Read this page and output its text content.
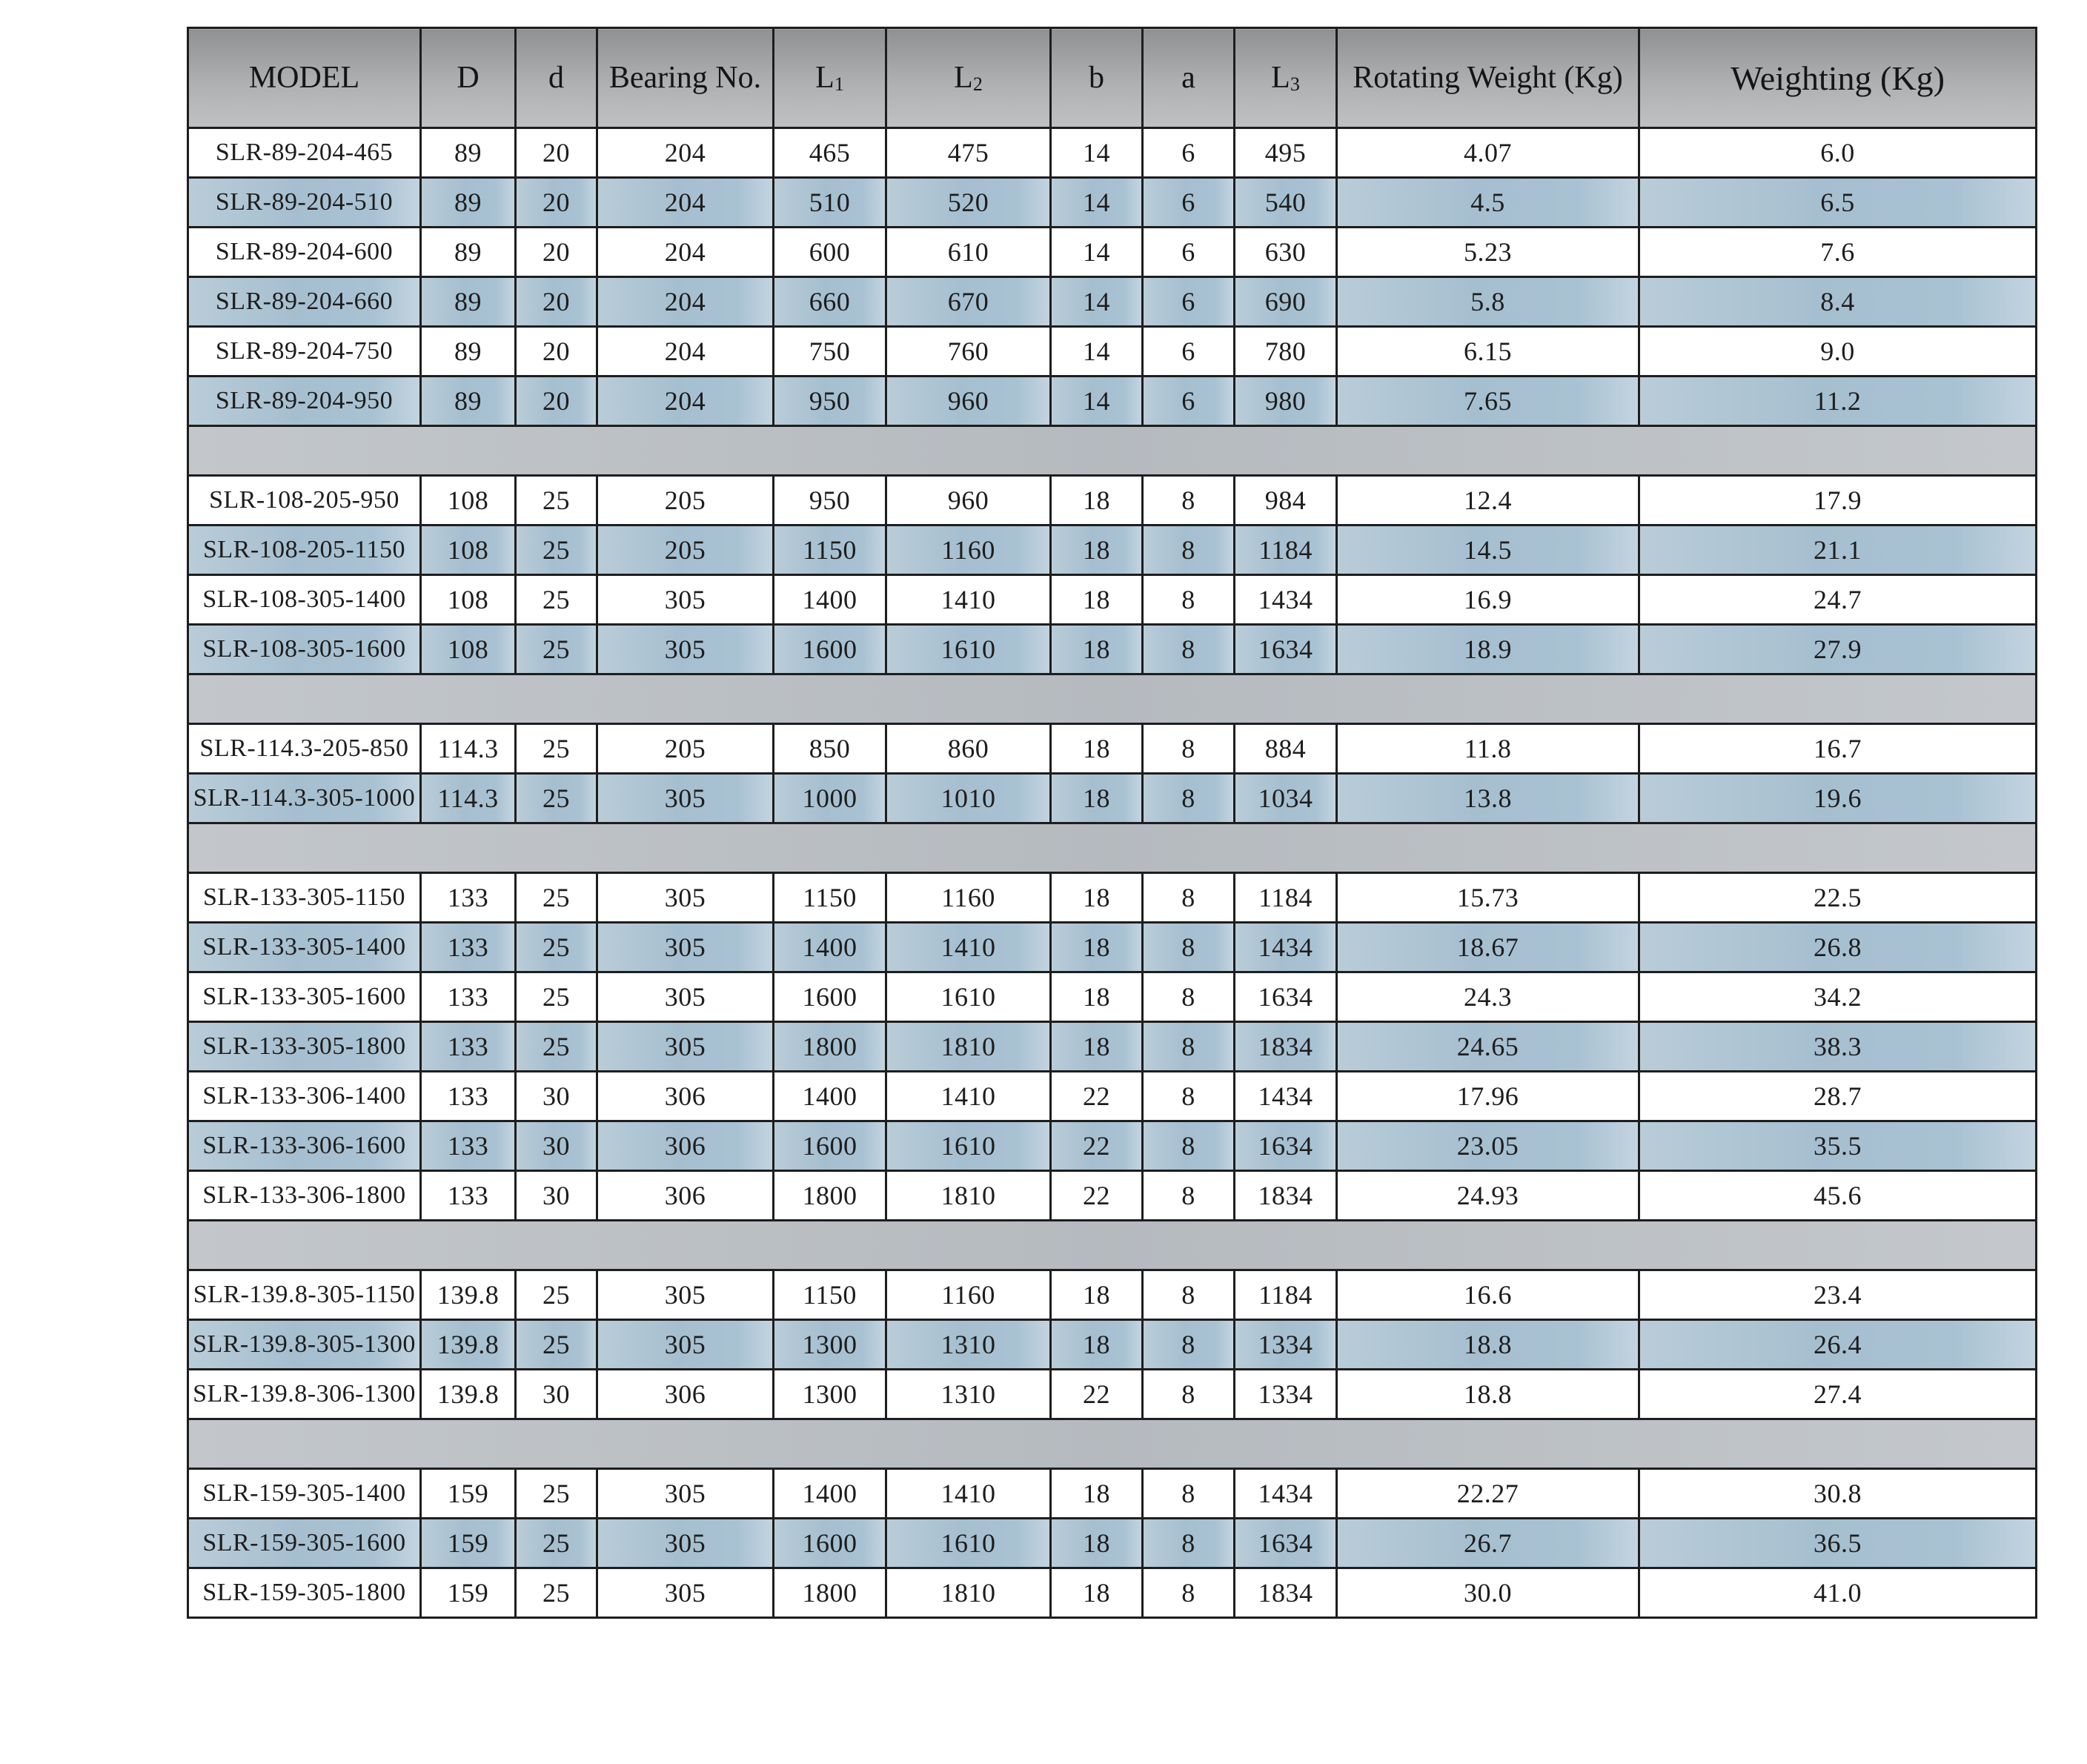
MODEL	D	d	Bearing No.	$L_1$	$L_2$	b	a	$L_3$	Rotating Weight (Kg)	Weighting (Kg)
SLR-89-204-465	89	20	204	465	475	14	6	495	4.07	6.0
SLR-89-204-510	89	20	204	510	520	14	6	540	4.5	6.5
SLR-89-204-600	89	20	204	600	610	14	6	630	5.23	7.6
SLR-89-204-660	89	20	204	660	670	14	6	690	5.8	8.4
SLR-89-204-750	89	20	204	750	760	14	6	780	6.15	9.0
SLR-89-204-950	89	20	204	950	960	14	6	980	7.65	11.2

SLR-108-205-950	108	25	205	950	960	18	8	984	12.4	17.9
SLR-108-205-1150	108	25	205	1150	1160	18	8	1184	14.5	21.1
SLR-108-305-1400	108	25	305	1400	1410	18	8	1434	16.9	24.7
SLR-108-305-1600	108	25	305	1600	1610	18	8	1634	18.9	27.9

SLR-114.3-205-850	114.3	25	205	850	860	18	8	884	11.8	16.7
SLR-114.3-305-1000	114.3	25	305	1000	1010	18	8	1034	13.8	19.6

SLR-133-305-1150	133	25	305	1150	1160	18	8	1184	15.73	22.5
SLR-133-305-1400	133	25	305	1400	1410	18	8	1434	18.67	26.8
SLR-133-305-1600	133	25	305	1600	1610	18	8	1634	24.3	34.2
SLR-133-305-1800	133	25	305	1800	1810	18	8	1834	24.65	38.3
SLR-133-306-1400	133	30	306	1400	1410	22	8	1434	17.96	28.7
SLR-133-306-1600	133	30	306	1600	1610	22	8	1634	23.05	35.5
SLR-133-306-1800	133	30	306	1800	1810	22	8	1834	24.93	45.6

SLR-139.8-305-1150	139.8	25	305	1150	1160	18	8	1184	16.6	23.4
SLR-139.8-305-1300	139.8	25	305	1300	1310	18	8	1334	18.8	26.4
SLR-139.8-306-1300	139.8	30	306	1300	1310	22	8	1334	18.8	27.4

SLR-159-305-1400	159	25	305	1400	1410	18	8	1434	22.27	30.8
SLR-159-305-1600	159	25	305	1600	1610	18	8	1634	26.7	36.5
SLR-159-305-1800	159	25	305	1800	1810	18	8	1834	30.0	41.0
